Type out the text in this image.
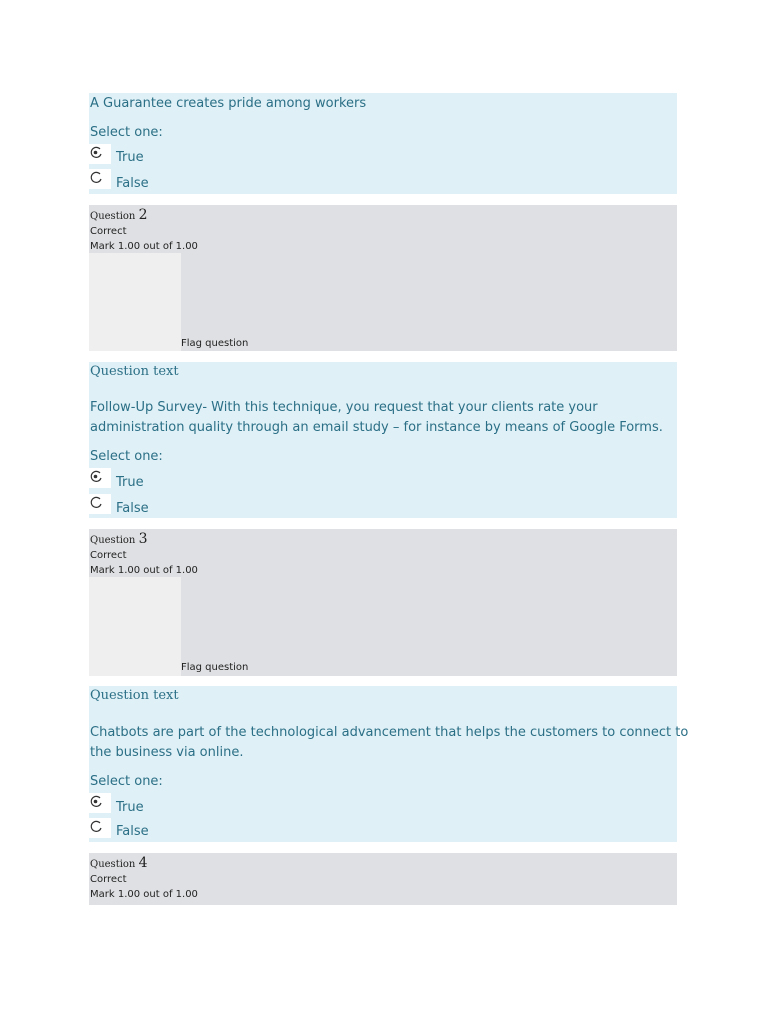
A Guarantee creates pride among workers
Select one:
True
False
Question 2
Correct
Mark 1.00 out of 1.00
Flag question
Question text
Follow-Up Survey- With this technique, you request that your clients rate your
administration quality through an email study – for instance by means of Google Forms.
Select one:
True
False
Question 3
Correct
Mark 1.00 out of 1.00
Flag question
Question text
Chatbots are part of the technological advancement that helps the customers to connect to
the business via online.
Select one:
True
False
Question 4
Correct
Mark 1.00 out of 1.00
